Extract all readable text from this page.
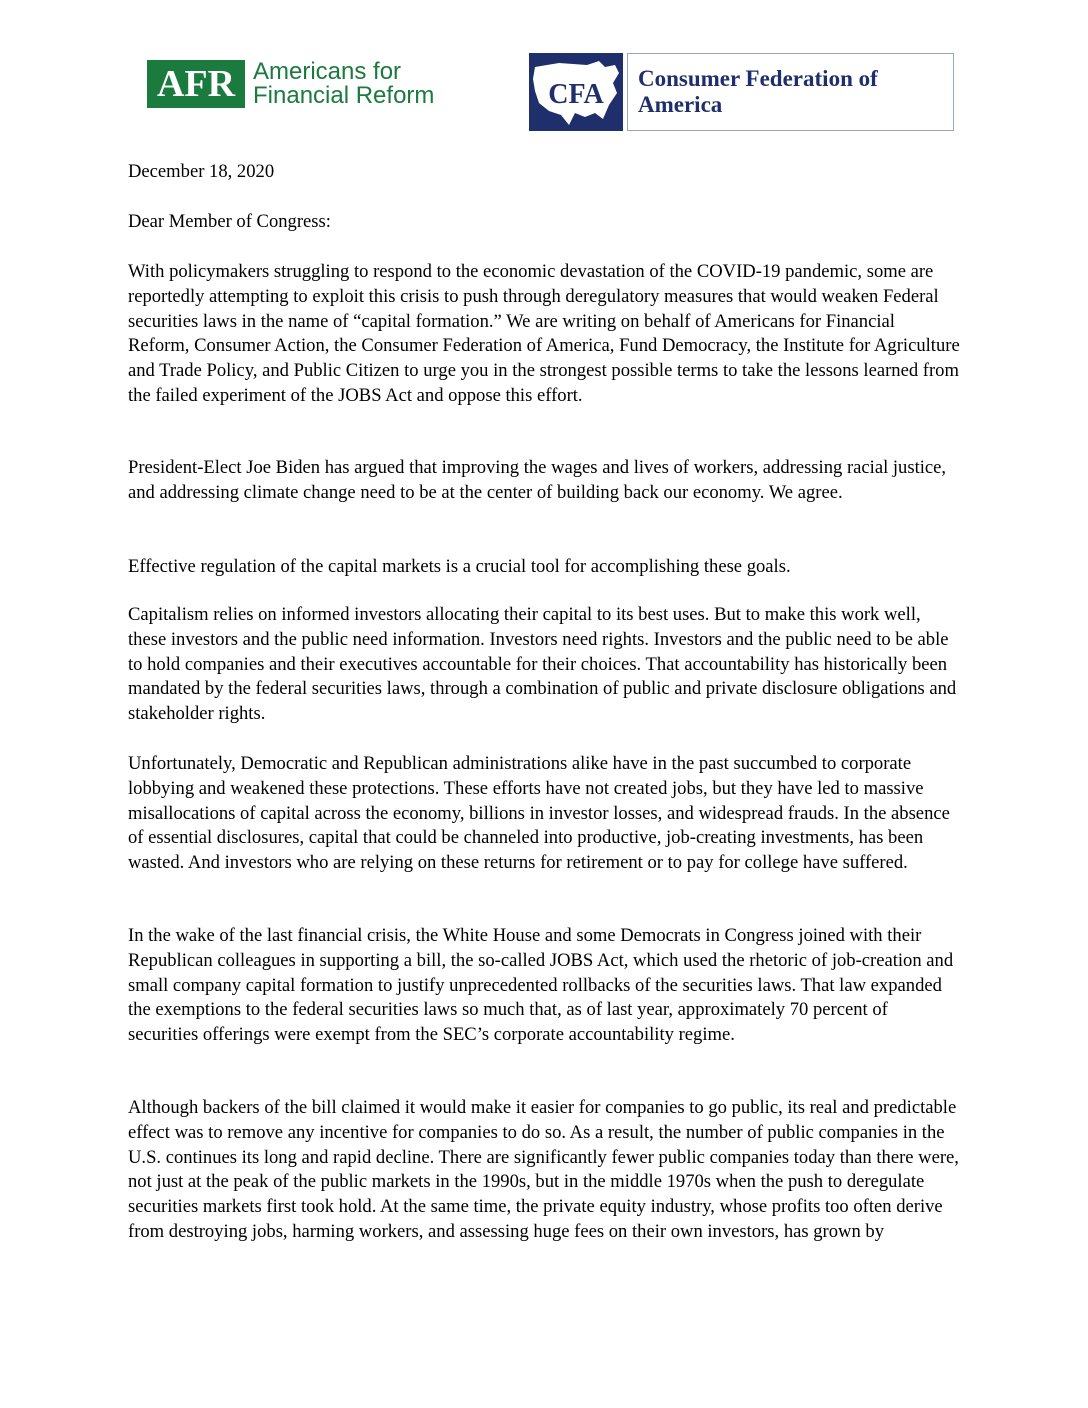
AFR Americans for
Financial Reform	CFA
Consumer Federation of America
December 18, 2020
Dear Member of Congress:

With policymakers struggling to respond to the economic devastation of the COVID-19 pandemic, some are reportedly attempting to exploit this crisis to push through deregulatory measures that would weaken Federal securities laws in the name of “capital formation.” We are writing on behalf of Americans for Financial Reform, Consumer Action, the Consumer Federation of America, Fund Democracy, the Institute for Agriculture and Trade Policy, and Public Citizen to urge you in the strongest possible terms to take the lessons learned from the failed experiment of the JOBS Act and oppose this effort.

President-Elect Joe Biden has argued that improving the wages and lives of workers, addressing racial justice, and addressing climate change need to be at the center of building back our economy. We agree.

Effective regulation of the capital markets is a crucial tool for accomplishing these goals.

Capitalism relies on informed investors allocating their capital to its best uses. But to make this work well, these investors and the public need information. Investors need rights. Investors and the public need to be able to hold companies and their executives accountable for their choices. That accountability has historically been mandated by the federal securities laws, through a combination of public and private disclosure obligations and stakeholder rights.

Unfortunately, Democratic and Republican administrations alike have in the past succumbed to corporate lobbying and weakened these protections. These efforts have not created jobs, but they have led to massive misallocations of capital across the economy, billions in investor losses, and widespread frauds. In the absence of essential disclosures, capital that could be channeled into productive, job-creating investments, has been wasted. And investors who are relying on these returns for retirement or to pay for college have suffered.

In the wake of the last financial crisis, the White House and some Democrats in Congress joined with their Republican colleagues in supporting a bill, the so-called JOBS Act, which used the rhetoric of job-creation and small company capital formation to justify unprecedented rollbacks of the securities laws. That law expanded the exemptions to the federal securities laws so much that, as of last year, approximately 70 percent of securities offerings were exempt from the SEC’s corporate accountability regime.

Although backers of the bill claimed it would make it easier for companies to go public, its real and predictable effect was to remove any incentive for companies to do so. As a result, the number of public companies in the U.S. continues its long and rapid decline. There are significantly fewer public companies today than there were, not just at the peak of the public markets in the 1990s, but in the middle 1970s when the push to deregulate securities markets first took hold. At the same time, the private equity industry, whose profits too often derive from destroying jobs, harming workers, and assessing huge fees on their own investors, has grown by
